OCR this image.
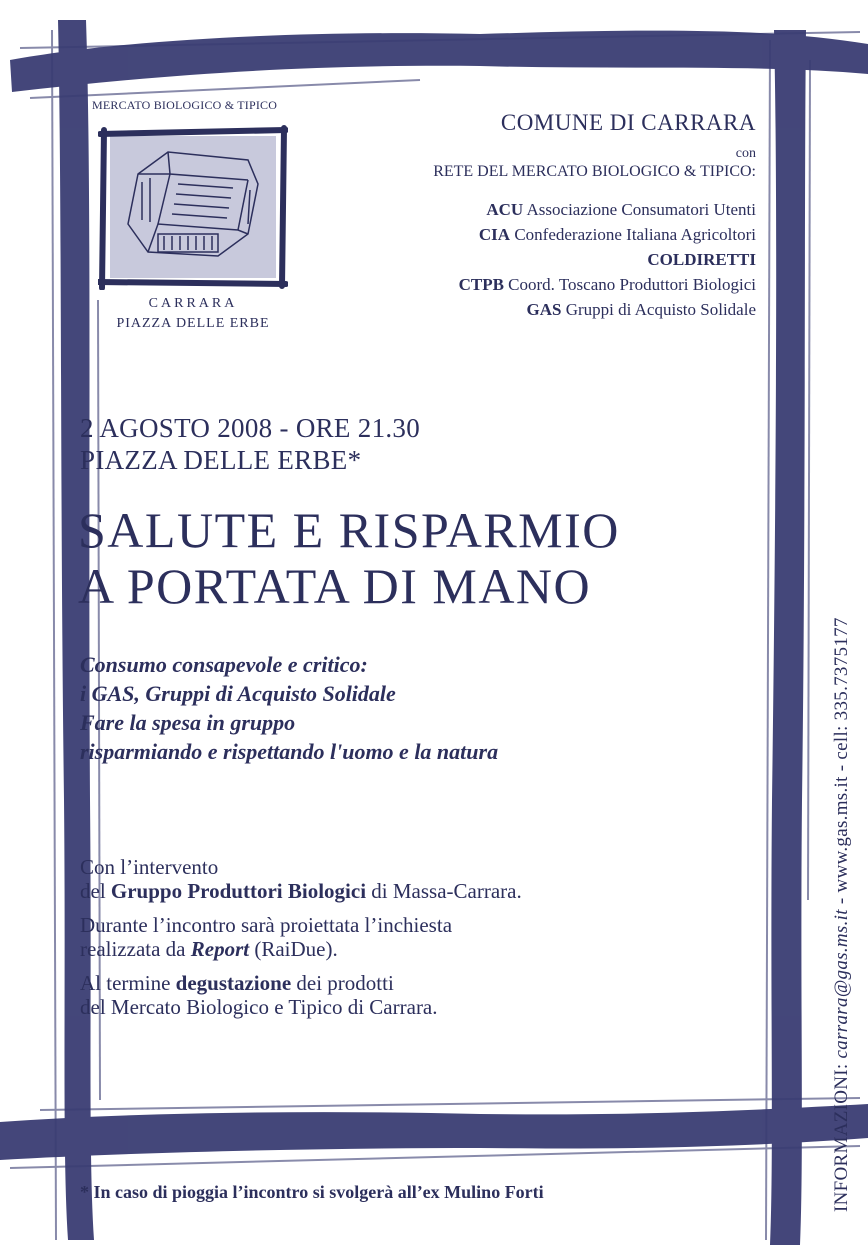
MERCATO BIOLOGICO & TIPICO
CARRARA
PIAZZA DELLE ERBE
COMUNE DI CARRARA
con
RETE DEL MERCATO BIOLOGICO & TIPICO:
ACU Associazione Consumatori Utenti
CIA Confederazione Italiana Agricoltori
COLDIRETTI
CTPB Coord. Toscano Produttori Biologici
GAS Gruppi di Acquisto Solidale
2 AGOSTO 2008 - ORE 21.30
PIAZZA DELLE ERBE*
SALUTE E RISPARMIO
A PORTATA DI MANO
Consumo consapevole e critico:
i GAS, Gruppi di Acquisto Solidale
Fare la spesa in gruppo
risparmiando e rispettando l'uomo e la natura

Con l’intervento
del Gruppo Produttori Biologici di Massa-Carrara.

Durante l’incontro sarà proiettata l’inchiesta
realizzata da Report (RaiDue).

Al termine degustazione dei prodotti
del Mercato Biologico e Tipico di Carrara.

* In caso di pioggia l’incontro si svolgerà all’ex Mulino Forti	INFORMAZIONI: carrara@gas.ms.it - www.gas.ms.it - cell: 335.7375177
